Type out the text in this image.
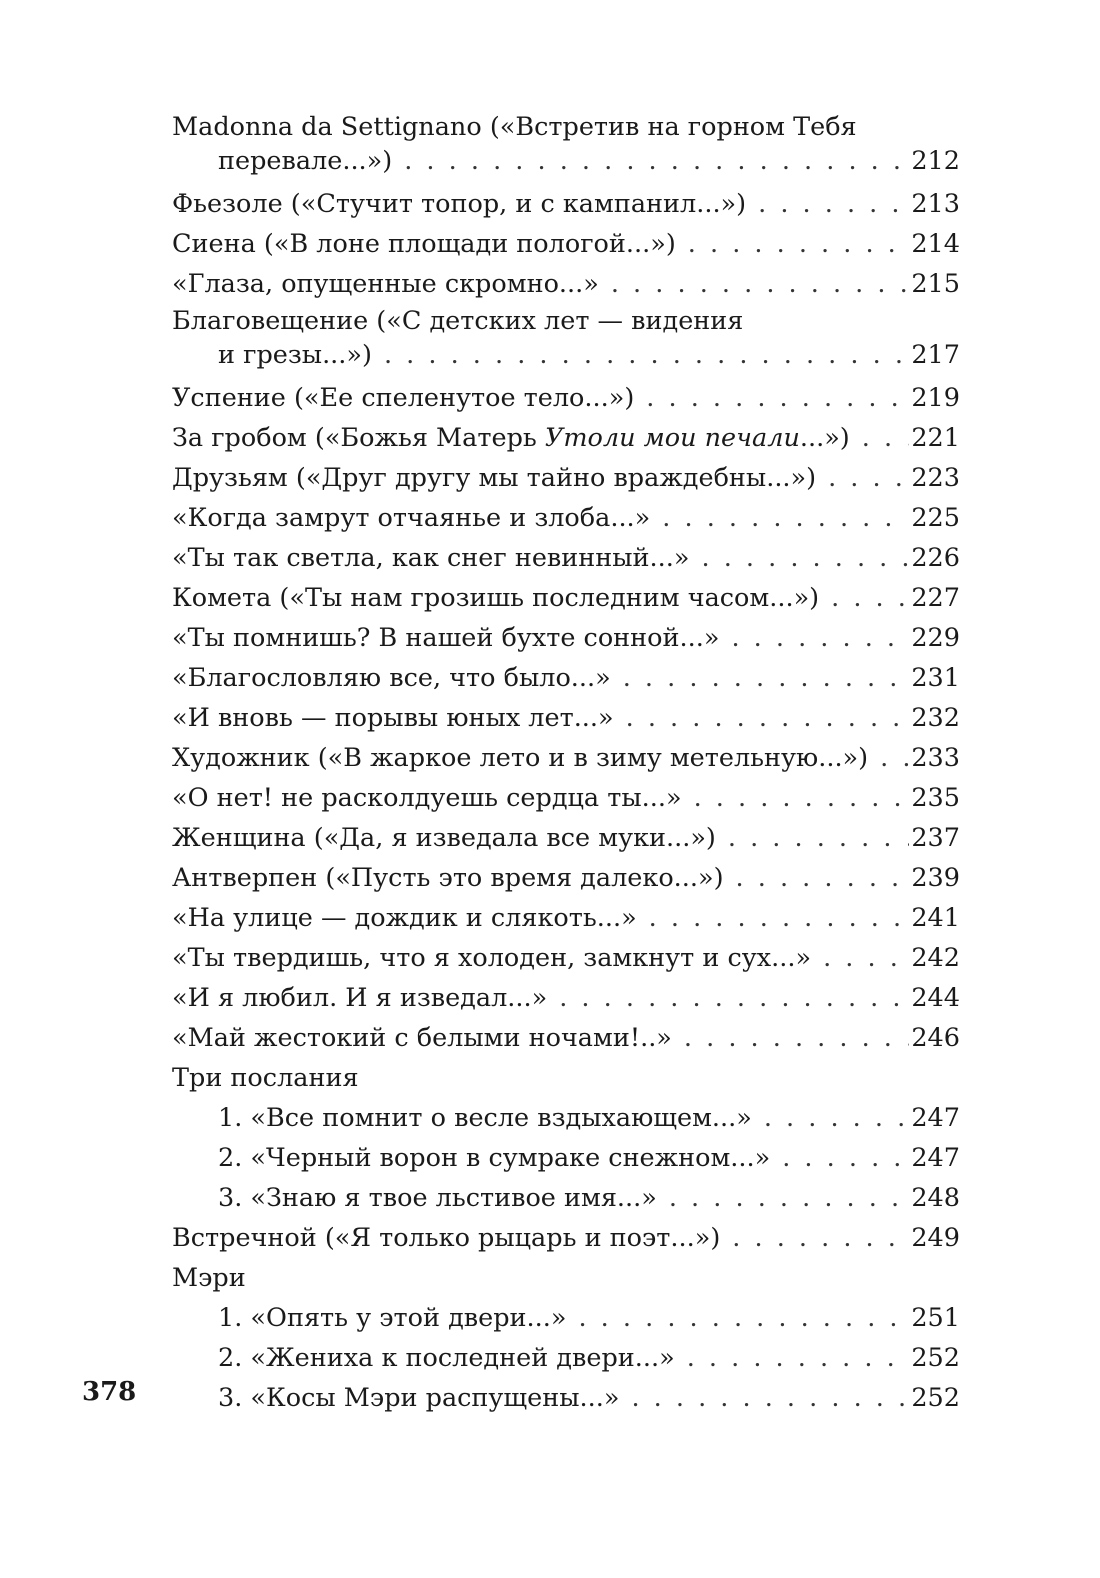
Madonna da Settignano («Встретив на горном Тебя
перевале...») . . .	212
Фьезоле («Стучит топор, и с кампанил...») . . .	213
Сиена («В лоне площади пологой...») . . .	214
«Глаза, опущенные скромно...» . . .	215
Благовещение («С детских лет — видения
и грезы...») . . .	217
Успение («Ее спеленутое тело...») . . .	219
За гробом («Божья Матерь Утоли мои печали...») . . . 221
Друзьям («Друг другу мы тайно враждебны...») . . .	223
«Когда замрут отчаянье и злоба...» . . .	225
«Ты так светла, как снег невинный...» . . .	226
Комета («Ты нам грозишь последним часом...») . . .	227
«Ты помнишь? В нашей бухте сонной...» . . .	229
«Благословляю все, что было...» . . .	231
«И вновь — порывы юных лет...» . . .	232
Художник («В жаркое лето и в зиму метельную...») . . . 233
«О нет! не расколдуешь сердца ты...» . . .	235
Женщина («Да, я изведала все муки...») . . .	237
Антверпен («Пусть это время далеко...») . . .	239
«На улице — дождик и слякоть...» . . .	241
«Ты твердишь, что я холоден, замкнут и сух...» . . .	242
«И я любил. И я изведал...» . . .	244
«Май жестокий с белыми ночами!..» . . .	246
Три послания
1. «Все помнит о весле вздыхающем...» . . .	247
2. «Черный ворон в сумраке снежном...» . . .	247
3. «Знаю я твое льстивое имя...» . . .	248
Встречной («Я только рыцарь и поэт...») . . .	249
Мэри
1. «Опять у этой двери...» . . .	251
2. «Жениха к последней двери...» . . .	252
3. «Косы Мэри распущены...» . . .	252
378
